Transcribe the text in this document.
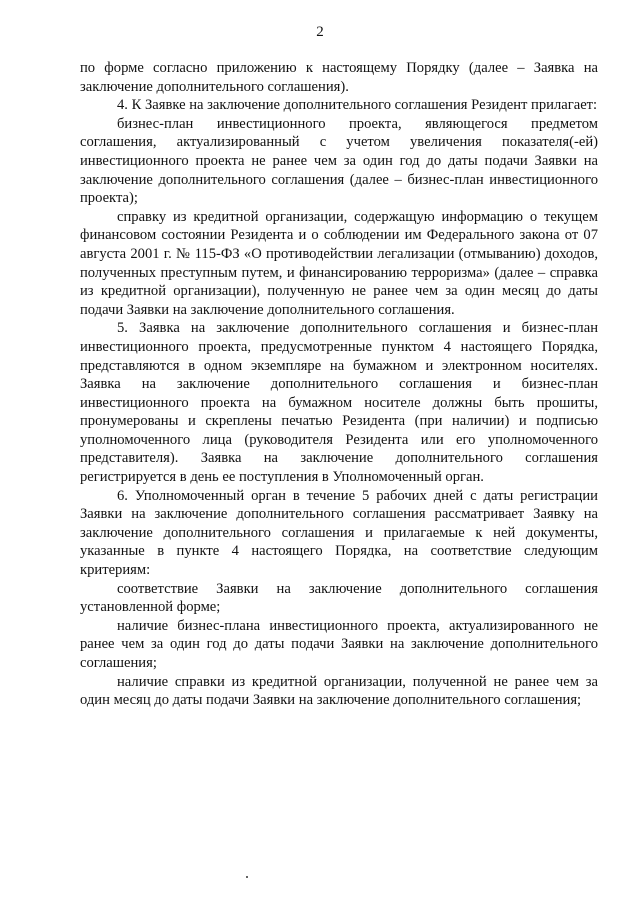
2

по форме согласно приложению к настоящему Порядку (далее – Заявка на заключение дополнительного соглашения).

4. К Заявке на заключение дополнительного соглашения Резидент прилагает:

бизнес-план инвестиционного проекта, являющегося предметом соглашения, актуализированный с учетом увеличения показателя(-ей) инвестиционного проекта не ранее чем за один год до даты подачи Заявки на заключение дополнительного соглашения (далее – бизнес-план инвестиционного проекта);

справку из кредитной организации, содержащую информацию о текущем финансовом состоянии Резидента и о соблюдении им Федерального закона от 07 августа 2001 г. № 115-ФЗ «О противодействии легализации (отмыванию) доходов, полученных преступным путем, и финансированию терроризма» (далее – справка из кредитной организации), полученную не ранее чем за один месяц до даты подачи Заявки на заключение дополнительного соглашения.

5. Заявка на заключение дополнительного соглашения и бизнес-план инвестиционного проекта, предусмотренные пунктом 4 настоящего Порядка, представляются в одном экземпляре на бумажном и электронном носителях. Заявка на заключение дополнительного соглашения и бизнес-план инвестиционного проекта на бумажном носителе должны быть прошиты, пронумерованы и скреплены печатью Резидента (при наличии) и подписью уполномоченного лица (руководителя Резидента или его уполномоченного представителя). Заявка на заключение дополнительного соглашения регистрируется в день ее поступления в Уполномоченный орган.

6. Уполномоченный орган в течение 5 рабочих дней с даты регистрации Заявки на заключение дополнительного соглашения рассматривает Заявку на заключение дополнительного соглашения и прилагаемые к ней документы, указанные в пункте 4 настоящего Порядка, на соответствие следующим критериям:

соответствие Заявки на заключение дополнительного соглашения установленной форме;

наличие бизнес-плана инвестиционного проекта, актуализированного не ранее чем за один год до даты подачи Заявки на заключение дополнительного соглашения;

наличие справки из кредитной организации, полученной не ранее чем за один месяц до даты подачи Заявки на заключение дополнительного соглашения;
